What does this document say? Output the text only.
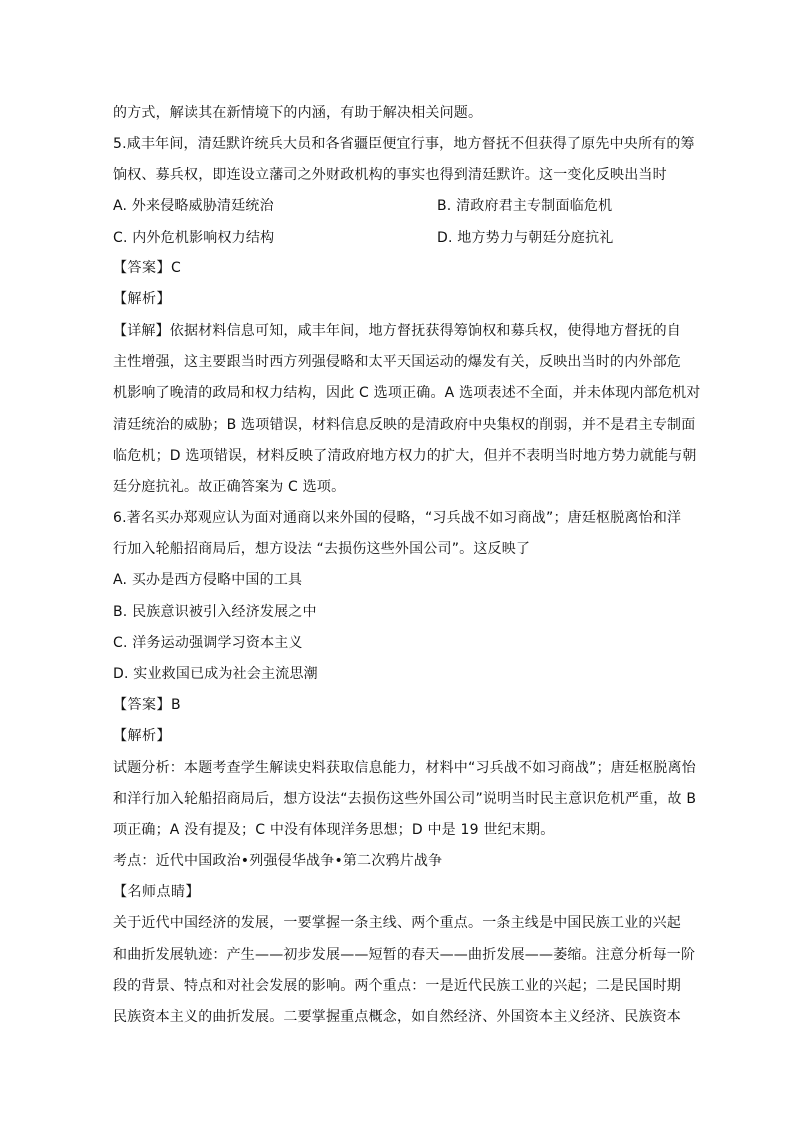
的方式，解读其在新情境下的内涵，有助于解决相关问题。
5.咸丰年间，清廷默许统兵大员和各省疆臣便宜行事，地方督抚不但获得了原先中央所有的筹
饷权、募兵权，即连设立藩司之外财政机构的事实也得到清廷默许。这一变化反映出当时
A. 外来侵略威胁清廷统治	B. 清政府君主专制面临危机
C. 内外危机影响权力结构	D. 地方势力与朝廷分庭抗礼
【答案】C
【解析】
【详解】依据材料信息可知，咸丰年间，地方督抚获得筹饷权和募兵权，使得地方督抚的自
主性增强，这主要跟当时西方列强侵略和太平天国运动的爆发有关，反映出当时的内外部危
机影响了晚清的政局和权力结构，因此 C 选项正确。A 选项表述不全面，并未体现内部危机对
清廷统治的威胁；B 选项错误，材料信息反映的是清政府中央集权的削弱，并不是君主专制面
临危机；D 选项错误，材料反映了清政府地方权力的扩大，但并不表明当时地方势力就能与朝
廷分庭抗礼。故正确答案为 C 选项。
6.著名买办郑观应认为面对通商以来外国的侵略，“习兵战不如习商战”；唐廷枢脱离怡和洋
行加入轮船招商局后，想方设法 “去损伤这些外国公司”。这反映了
A. 买办是西方侵略中国的工具
B. 民族意识被引入经济发展之中
C. 洋务运动强调学习资本主义
D. 实业救国已成为社会主流思潮
【答案】B
【解析】
试题分析：本题考查学生解读史料获取信息能力，材料中“习兵战不如习商战”；唐廷枢脱离怡
和洋行加入轮船招商局后，想方设法“去损伤这些外国公司”说明当时民主意识危机严重，故 B
项正确；A 没有提及；C 中没有体现洋务思想；D 中是 19 世纪末期。
考点：近代中国政治•列强侵华战争•第二次鸦片战争
【名师点睛】
关于近代中国经济的发展，一要掌握一条主线、两个重点。一条主线是中国民族工业的兴起
和曲折发展轨迹：产生——初步发展——短暂的春天——曲折发展——萎缩。注意分析每一阶
段的背景、特点和对社会发展的影响。两个重点：一是近代民族工业的兴起；二是民国时期
民族资本主义的曲折发展。二要掌握重点概念，如自然经济、外国资本主义经济、民族资本
